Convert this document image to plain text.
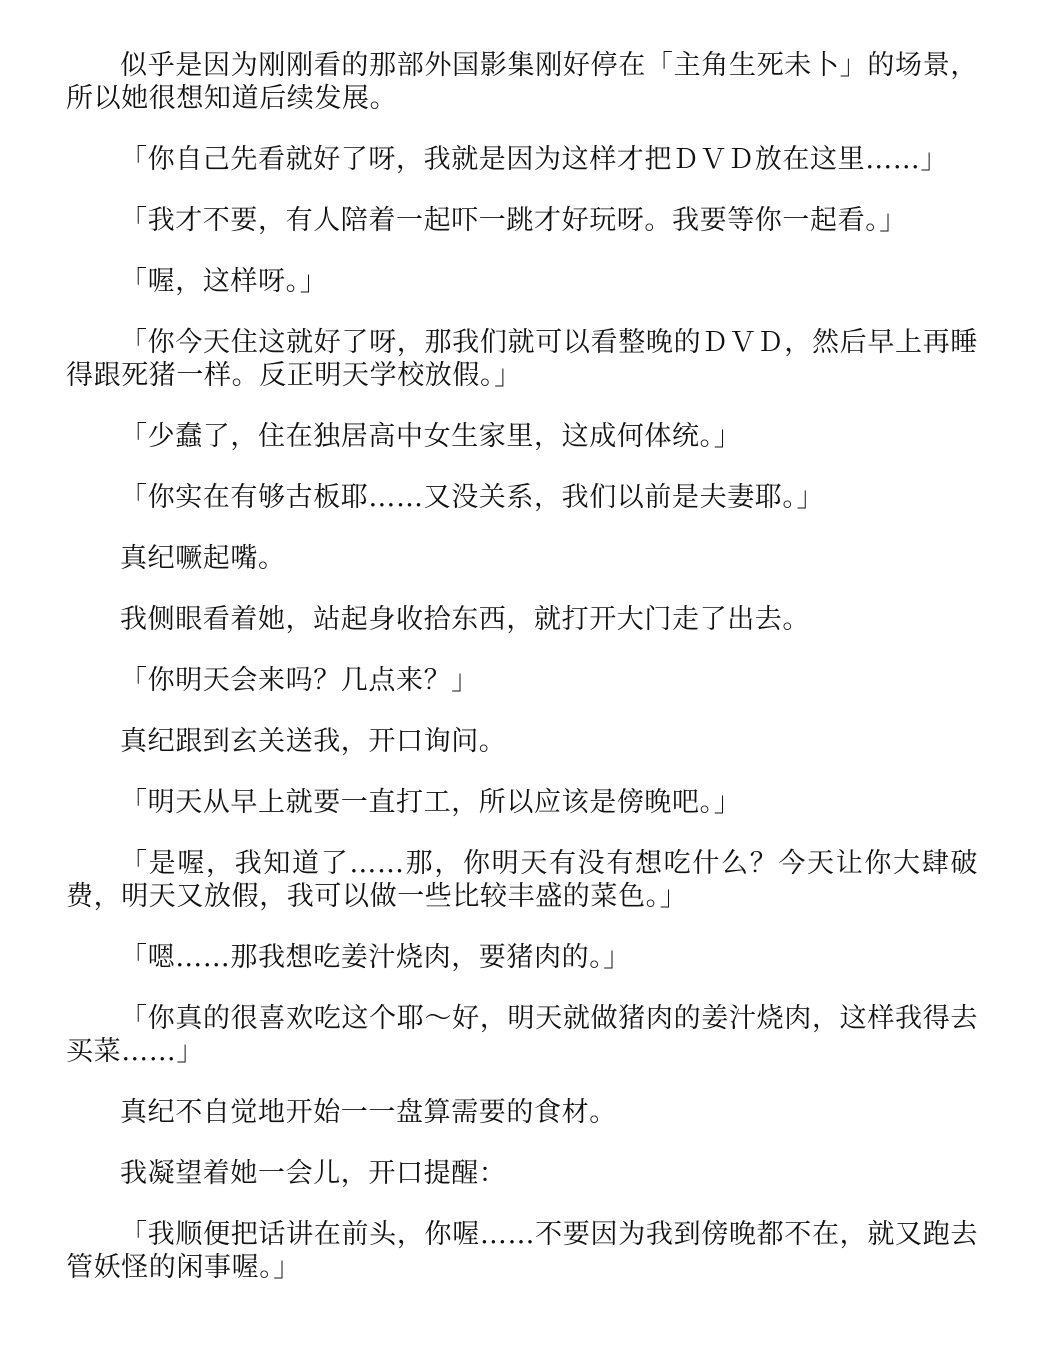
似乎是因为刚刚看的那部外国影集刚好停在「主角生死未卜」的场景，所以她很想知道后续发展。

「你自己先看就好了呀，我就是因为这样才把ＤＶＤ放在这里……」

「我才不要，有人陪着一起吓一跳才好玩呀。我要等你一起看。」

「喔，这样呀。」

「你今天住这就好了呀，那我们就可以看整晚的ＤＶＤ，然后早上再睡得跟死猪一样。反正明天学校放假。」

「少蠢了，住在独居高中女生家里，这成何体统。」

「你实在有够古板耶……又没关系，我们以前是夫妻耶。」

真纪噘起嘴。

我侧眼看着她，站起身收拾东西，就打开大门走了出去。

「你明天会来吗？几点来？」

真纪跟到玄关送我，开口询问。

「明天从早上就要一直打工，所以应该是傍晚吧。」

「是喔，我知道了……那，你明天有没有想吃什么？今天让你大肆破费，明天又放假，我可以做一些比较丰盛的菜色。」

「嗯……那我想吃姜汁烧肉，要猪肉的。」

「你真的很喜欢吃这个耶～好，明天就做猪肉的姜汁烧肉，这样我得去买菜……」

真纪不自觉地开始一一盘算需要的食材。

我凝望着她一会儿，开口提醒：

「我顺便把话讲在前头，你喔……不要因为我到傍晚都不在，就又跑去管妖怪的闲事喔。」
